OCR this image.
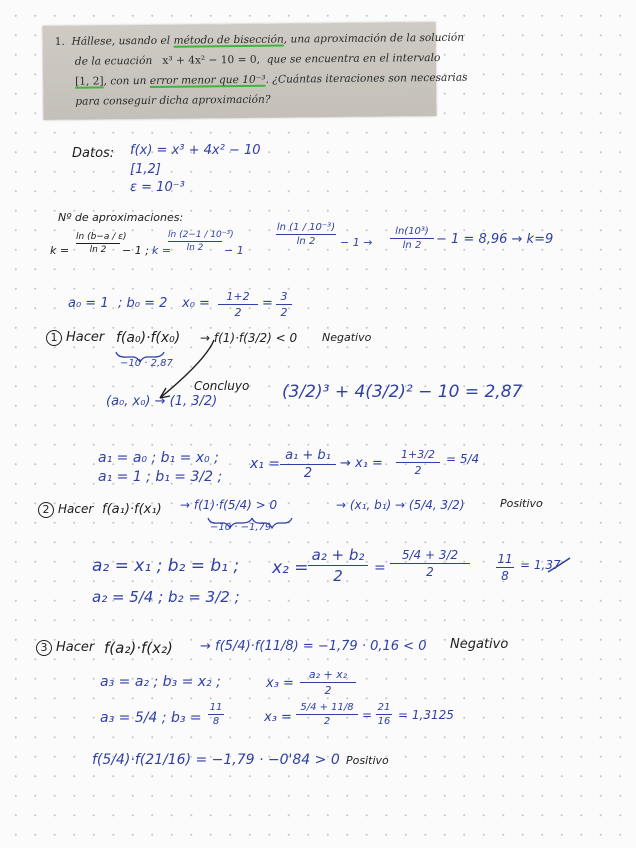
1. Hállese, usando el método de bisección, una aproximación de la solución
de la ecuación x³ + 4x² − 10 = 0, que se encuentra en el intervalo
[1, 2], con un error menor que 10⁻³. ¿Cuántas iteraciones son necesarias
para conseguir dicha aproximación?
Datos: f(x) = x³ + 4x² − 10
[1,2]
ε = 10⁻³
Nº de aproximaciones:
k =
ln (b−a / ε)
ln 2	− 1 ; k =
ln (2−1 / 10⁻³)
ln 2	− 1
ln (1 / 10⁻³)
ln 2	− 1 →
ln(10³)
ln 2	− 1 = 8,96 → k=9
a₀ = 1 ; b₀ = 2 x₀ =	1+2
2
= 3
2
1 Hacer f(a₀)·f(x₀) → f(1)·f(3/2) < 0 Negativo
−10 · 2,87
Concluyo
(a₀, x₀) → (1, 3/2)	(3/2)³ + 4(3/2)² − 10 = 2,87
a₁ = a₀ ; b₁ = x₀ ;
a₁ = 1 ; b₁ = 3/2 ;
x₁ =
a₁ + b₁
2
→ x₁ =
1+3/2
2
= 5/4
2 Hacer f(a₁)·f(x₁) → f(1)·f(5/4) > 0	→ (x₁, b₁) → (5/4, 3/2)	Positivo
−10 · −1,79
a₂ = x₁ ; b₂ = b₁ ;
a₂ = 5/4 ; b₂ = 3/2 ;
x₂ =
a₂ + b₂
2	=
5/4 + 3/2
2
11
8
= 1,37
3 Hacer f(a₂)·f(x₂) → f(5/4)·f(11/8) = −1,79 · 0,16 < 0 Negativo
a₃ = a₂ ; b₃ = x₂ ;
a₃ = 5/4 ; b₃ =
11
8
x₃ =
a₂ + x₂
2
x₃ =
5/4 + 11/8
2	=
21
16 = 1,3125
f(5/4)·f(21/16) = −1,79 · −0'84 > 0 Positivo
